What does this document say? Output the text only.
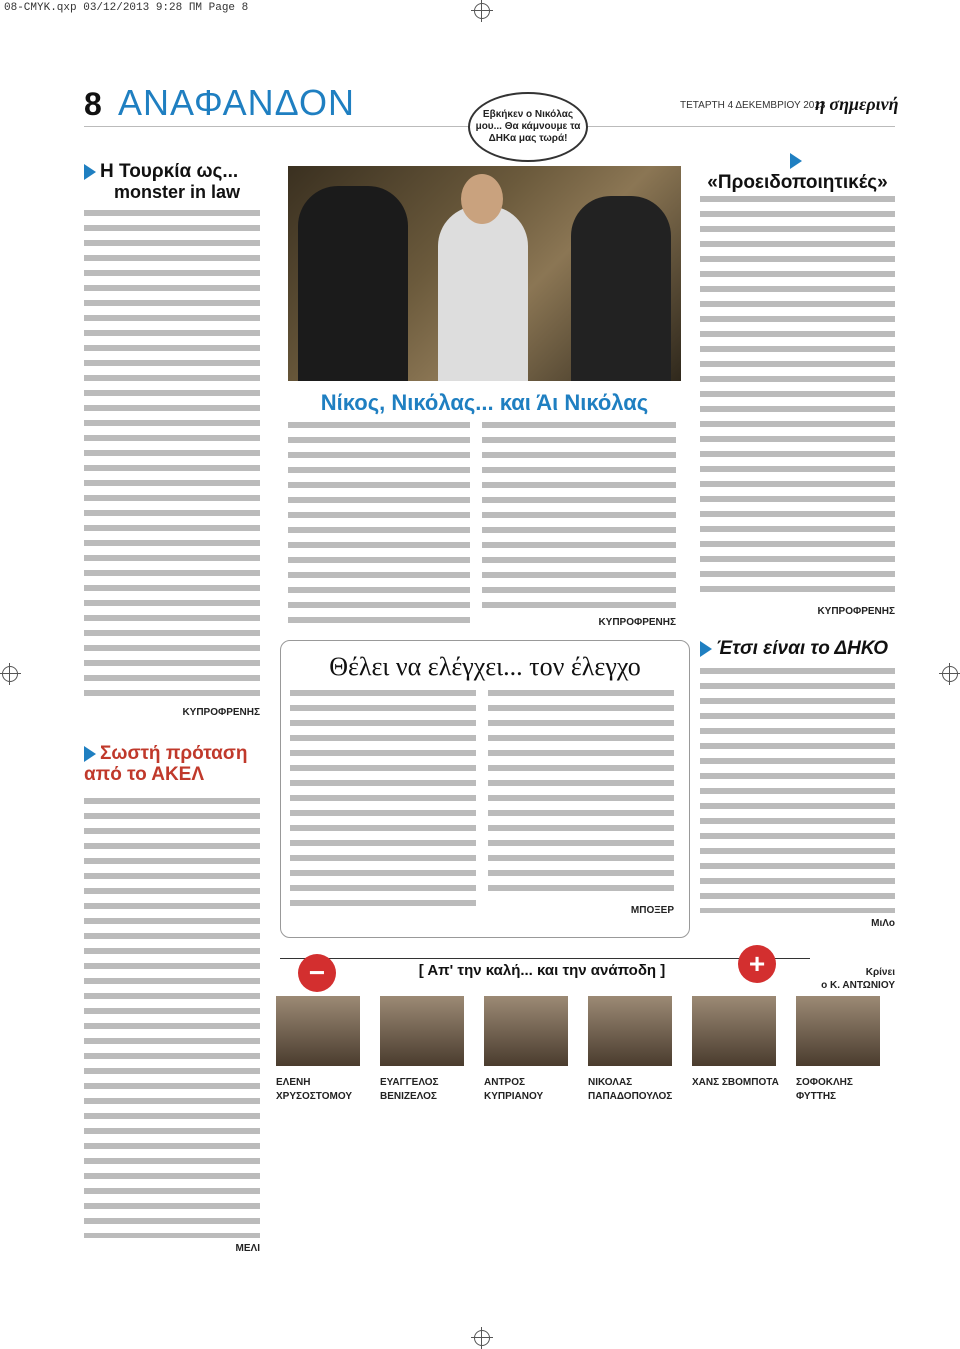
08-CMYK.qxp 03/12/2013 9:28 ΠΜ Page 8
8 ΑΝΑΦΑΝΔΟΝ	ΤΕΤΑΡΤΗ 4 ΔΕΚΕΜΒΡΙΟΥ 2013
η σημερινή
Εβκήκεν ο Νικόλας μου... Θα κάμνουμε τα ΔΗΚα μας τωρά!
Η Τουρκία ως...
monster in law
ΚΥΠΡΟΦΡΕΝΗΣ
Σωστή πρόταση από το ΑΚΕΛ
ΜΕΛΙ
Νίκος, Νικόλας... και Άι Νικόλας
ΚΥΠΡΟΦΡΕΝΗΣ
«Προειδοποιητικές»
ΚΥΠΡΟΦΡΕΝΗΣ
Θέλει να ελέγχει... τον έλεγχο
ΜΠΟΞΕΡ
Έτσι είναι το ΔΗΚΟ
ΜιΛο
Κρίνει
ο Κ. ΑΝΤΩΝΙΟΥ
−	+
[ Απ' την καλή... και την ανάποδη ]
ΕΛΕΝΗ ΧΡΥΣΟΣΤΟΜΟΥ
ΕΥΑΓΓΕΛΟΣ ΒΕΝΙΖΕΛΟΣ
ΑΝΤΡΟΣ ΚΥΠΡΙΑΝΟΥ
ΝΙΚΟΛΑΣ ΠΑΠΑΔΟΠΟΥΛΟΣ
ΧΑΝΣ ΣΒΟΜΠΟΤΑ	ΣΟΦΟΚΛΗΣ ΦΥΤΤΗΣ
